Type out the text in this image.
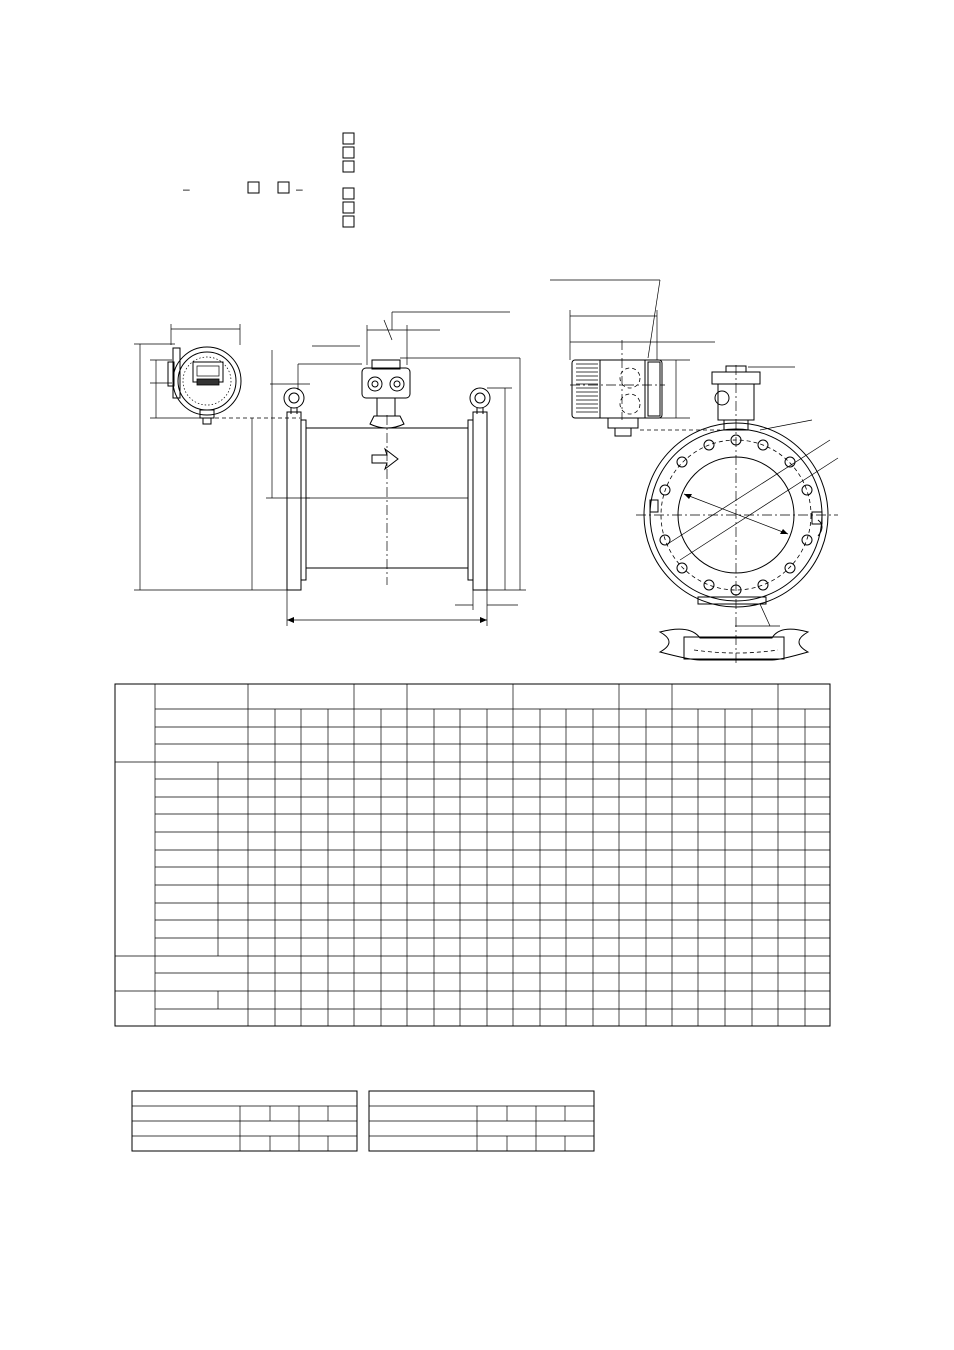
–	–
